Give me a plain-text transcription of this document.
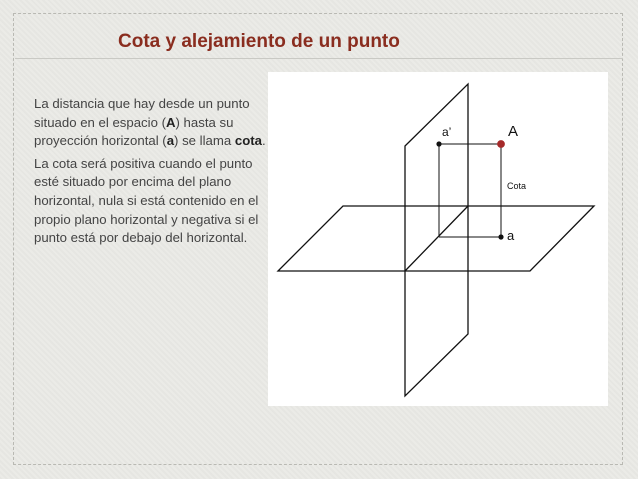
Cota y alejamiento de un punto

La distancia que hay desde un punto situado en el espacio (A) hasta su proyección horizontal (a) se llama cota.

La cota será positiva cuando el punto esté situado por encima del plano horizontal, nula si está contenido en el propio plano horizontal y negativa si el punto está por debajo del horizontal.

a’	A
Cota
a
